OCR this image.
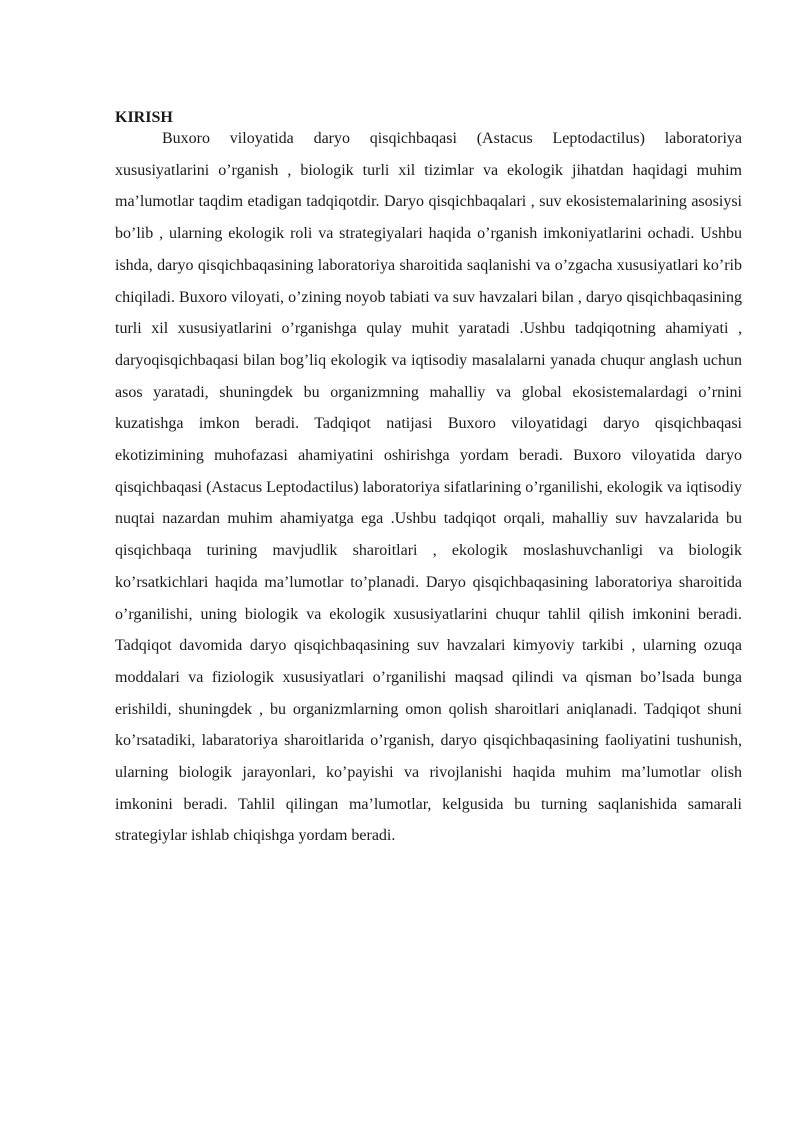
KIRISH

Buxoro viloyatida daryo qisqichbaqasi (Astacus Leptodactilus) laboratoriya xususiyatlarini o’rganish , biologik turli xil tizimlar va ekologik jihatdan haqidagi muhim ma’lumotlar taqdim etadigan tadqiqotdir. Daryo qisqichbaqalari , suv ekosistemalarining asosiysi bo’lib , ularning ekologik roli va strategiyalari haqida o’rganish imkoniyatlarini ochadi. Ushbu ishda, daryo qisqichbaqasining laboratoriya sharoitida saqlanishi va o’zgacha xususiyatlari ko’rib chiqiladi. Buxoro viloyati, o’zining noyob tabiati va suv havzalari bilan , daryo qisqichbaqasining turli xil xususiyatlarini o’rganishga qulay muhit yaratadi .Ushbu tadqiqotning ahamiyati , daryoqisqichbaqasi bilan bog’liq ekologik va iqtisodiy masalalarni yanada chuqur anglash uchun asos yaratadi, shuningdek bu organizmning mahalliy va global ekosistemalardagi o’rnini kuzatishga imkon beradi. Tadqiqot natijasi Buxoro viloyatidagi daryo qisqichbaqasi ekotizimining muhofazasi ahamiyatini oshirishga yordam beradi. Buxoro viloyatida daryo qisqichbaqasi (Astacus Leptodactilus) laboratoriya sifatlarining o’rganilishi, ekologik va iqtisodiy nuqtai nazardan muhim ahamiyatga ega .Ushbu tadqiqot orqali, mahalliy suv havzalarida bu qisqichbaqa turining mavjudlik sharoitlari , ekologik moslashuvchanligi va biologik ko’rsatkichlari haqida ma’lumotlar to’planadi. Daryo qisqichbaqasining laboratoriya sharoitida o’rganilishi, uning biologik va ekologik xususiyatlarini chuqur tahlil qilish imkonini beradi. Tadqiqot davomida daryo qisqichbaqasining suv havzalari kimyoviy tarkibi , ularning ozuqa moddalari va fiziologik xususiyatlari o’rganilishi maqsad qilindi va qisman bo’lsada bunga erishildi, shuningdek , bu organizmlarning omon qolish sharoitlari aniqlanadi. Tadqiqot shuni ko’rsatadiki, labaratoriya sharoitlarida o’rganish, daryo qisqichbaqasining faoliyatini tushunish, ularning biologik jarayonlari, ko’payishi va rivojlanishi haqida muhim ma’lumotlar olish imkonini beradi. Tahlil qilingan ma’lumotlar, kelgusida bu turning saqlanishida samarali strategiylar ishlab chiqishga yordam beradi.
